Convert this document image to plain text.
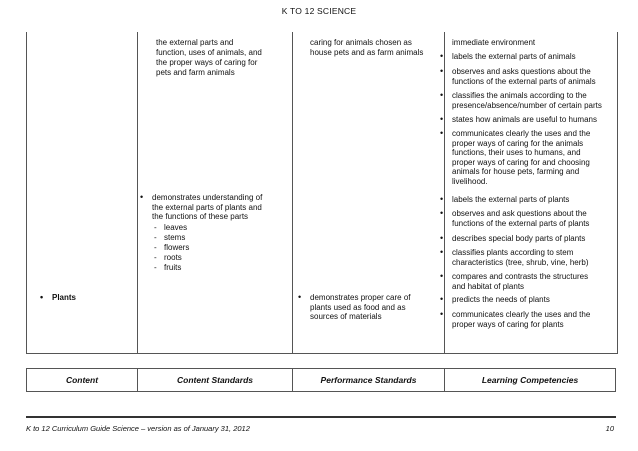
K TO 12 SCIENCE
the external parts and
function, uses of animals, and
the proper ways of caring for
pets and farm animals
caring for animals chosen as
house pets and as farm animals
immediate environment
• labels the external parts of animals
• observes and asks questions about the
functions of the external parts of animals
• classifies the animals according to the
presence/absence/number of certain parts
• states how animals are useful to humans
• communicates clearly the uses and the
proper ways of caring for the animals
functions, their uses to humans, and
proper ways of caring for and choosing
animals for house pets, farming and
livelihood.
• demonstrates understanding of
the external parts of plants and
the functions of these parts
- leaves
- stems
- flowers
- roots
- fruits
• Plants
•	demonstrates proper care of
plants used as food and as
sources of materials
• labels the external parts of plants
• observes and ask questions about the
functions of the external parts of plants
• describes special body parts of plants
• classifies plants according to stem
characteristics (tree, shrub, vine, herb)
• compares and contrasts the structures
and habitat of plants
• predicts the needs of plants
• communicates clearly the uses and the
proper ways of caring for plants
Content	Content Standards	Performance Standards	Learning Competencies
K to 12 Curriculum Guide Science – version as of January 31, 2012	10
